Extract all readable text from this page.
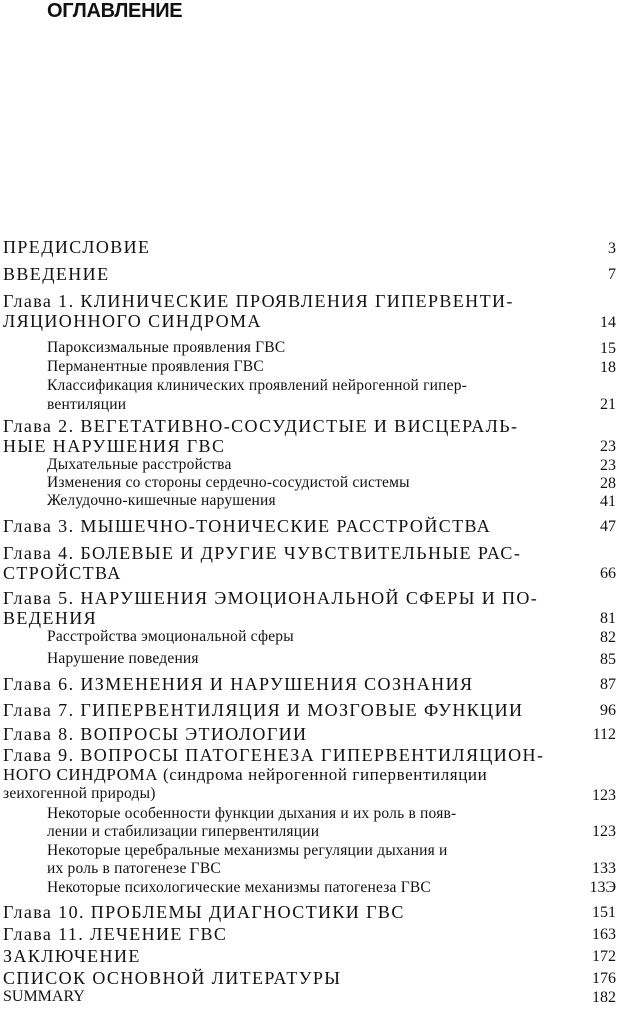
ОГЛАВЛЕНИЕ
ПРЕДИСЛОВИЕ	3
ВВЕДЕНИЕ	7
Глава 1. КЛИНИЧЕСКИЕ ПРОЯВЛЕНИЯ ГИПЕРВЕНТИ-
ЛЯЦИОННОГО СИНДРОМА	14
Пароксизмальные проявления ГВС	15
Перманентные проявления ГВС	18
Классификация клинических проявлений нейрогенной гипер-
вентиляции	21
Глава 2. ВЕГЕТАТИВНО-СОСУДИСТЫЕ И ВИСЦЕРАЛЬ-
НЫЕ НАРУШЕНИЯ ГВС	23
Дыхательные расстройства	23
Изменения со стороны сердечно-сосудистой системы	28
Желудочно-кишечные нарушения	41
Глава 3. МЫШЕЧНО-ТОНИЧЕСКИЕ РАССТРОЙСТВА	47
Глава 4. БОЛЕВЫЕ И ДРУГИЕ ЧУВСТВИТЕЛЬНЫЕ РАС-
СТРОЙСТВА	66
Глава 5. НАРУШЕНИЯ ЭМОЦИОНАЛЬНОЙ СФЕРЫ И ПО-
ВЕДЕНИЯ	81
Расстройства эмоциональной сферы	82
Нарушение поведения	85
Глава 6. ИЗМЕНЕНИЯ И НАРУШЕНИЯ СОЗНАНИЯ	87
Глава 7. ГИПЕРВЕНТИЛЯЦИЯ И МОЗГОВЫЕ ФУНКЦИИ	96
Глава 8. ВОПРОСЫ ЭТИОЛОГИИ	112
Глава 9. ВОПРОСЫ ПАТОГЕНЕЗА ГИПЕРВЕНТИЛЯЦИОН-
НОГО СИНДРОМА (синдрома нейрогенной гипервентиляции
зеихогенной природы)	123
Некоторые особенности функции дыхания и их роль в появ-
лении и стабилизации гипервентиляции	123
Некоторые церебральные механизмы регуляции дыхания и
их роль в патогенезе ГВС	133
Некоторые психологические механизмы патогенеза ГВС	13Э
Глава 10. ПРОБЛЕМЫ ДИАГНОСТИКИ ГВС	151
Глава 11. ЛЕЧЕНИЕ ГВС	163
ЗАКЛЮЧЕНИЕ	172
СПИСОК ОСНОВНОЙ ЛИТЕРАТУРЫ	176
SUMMARY	182
